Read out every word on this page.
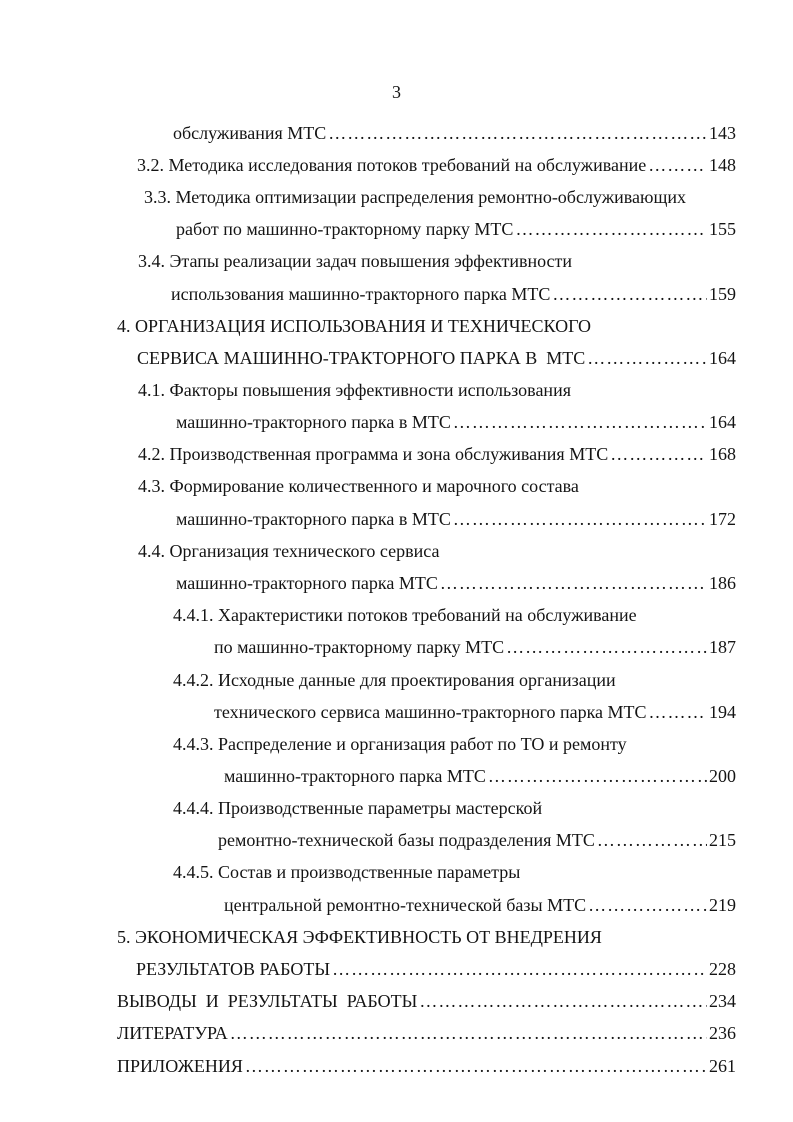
3
обслуживания МТС …………………………………………………………………………………………………………………………………………………………………………	143
3.2. Методика исследования потоков требований на обслуживание …………………………………………………………………………………………………………………………………………………………………………	148
3.3. Методика оптимизации распределения ремонтно-обслуживающих
работ по машинно-тракторному парку МТС …………………………………………………………………………………………………………………………………………………………………………	155
3.4. Этапы реализации задач повышения эффективности
использования машинно-тракторного парка МТС …………………………………………………………………………………………………………………………………………………………………………	159
4. ОРГАНИЗАЦИЯ ИСПОЛЬЗОВАНИЯ И ТЕХНИЧЕСКОГО
СЕРВИСА МАШИННО-ТРАКТОРНОГО ПАРКА В  МТС …………………………………………………………………………………………………………………………………………………………………………	164
4.1. Факторы повышения эффективности использования
машинно-тракторного парка в МТС …………………………………………………………………………………………………………………………………………………………………………	164
4.2. Производственная программа и зона обслуживания МТС …………………………………………………………………………………………………………………………………………………………………………	168
4.3. Формирование количественного и марочного состава
машинно-тракторного парка в МТС …………………………………………………………………………………………………………………………………………………………………………	172
4.4. Организация технического сервиса
машинно-тракторного парка МТС …………………………………………………………………………………………………………………………………………………………………………	186
4.4.1. Характеристики потоков требований на обслуживание
по машинно-тракторному парку МТС …………………………………………………………………………………………………………………………………………………………………………	187
4.4.2. Исходные данные для проектирования организации
технического сервиса машинно-тракторного парка МТС …………………………………………………………………………………………………………………………………………………………………………	194
4.4.3. Распределение и организация работ по ТО и ремонту
машинно-тракторного парка МТС …………………………………………………………………………………………………………………………………………………………………………	200
4.4.4. Производственные параметры мастерской
ремонтно-технической базы подразделения МТС …………………………………………………………………………………………………………………………………………………………………………	215
4.4.5. Состав и производственные параметры
центральной ремонтно-технической базы МТС …………………………………………………………………………………………………………………………………………………………………………	219
5. ЭКОНОМИЧЕСКАЯ ЭФФЕКТИВНОСТЬ ОТ ВНЕДРЕНИЯ
РЕЗУЛЬТАТОВ РАБОТЫ …………………………………………………………………………………………………………………………………………………………………………	228
ВЫВОДЫ  И  РЕЗУЛЬТАТЫ  РАБОТЫ …………………………………………………………………………………………………………………………………………………………………………	234
ЛИТЕРАТУРА …………………………………………………………………………………………………………………………………………………………………………	236
ПРИЛОЖЕНИЯ …………………………………………………………………………………………………………………………………………………………………………	261
